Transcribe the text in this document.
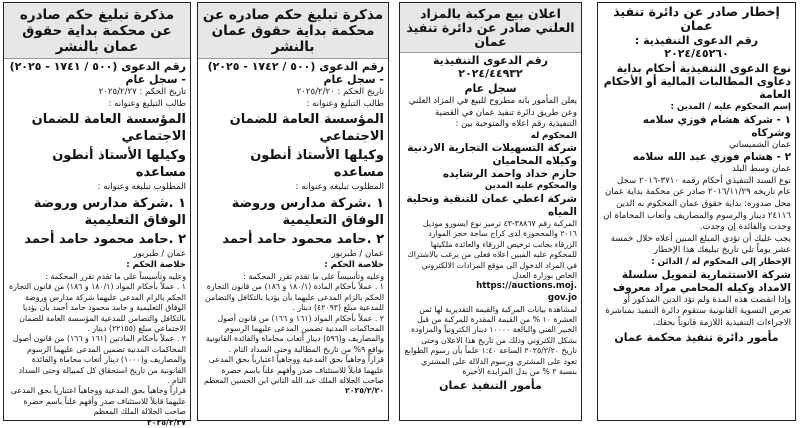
إخطار صادر عن دائرة تنفيذ عمان
رقم الدعوى التنفيذية : ٢٠٢٤/٤٥٢٦٠
نوع الدعوى التنفيذية أحكام بداية دعاوى المطالبات المالية أو الأحكام العامة
إسم المحكوم عليه / المدين :
١ - شركة هشام فوزي سلامه وشركاه
عمان الشميساني
٢ - هشام فوزي عبد الله سلامه
عمان وسط البلد
نوع السند التنفيذي أحكام رقمه ٣٧١٠-٢٠١٦ سجل عام تاريخه ٢٠١٦/١١/٢٩ صادر عن محكمة بداية عمان محل صدوره: بداية حقوق عمان المحكوم به الدين ٢٤١١٦ دينار والرسوم والمصاريف وأتعاب المحاماة ان وجدت والفائدة إن وجدت.
يجب عليك أن تؤدي المبلغ المبين أعلاه خلال خمسة عشر يوماً تلي تاريخ تبليغك هذا الإخطار
الإخطار إلى المحكوم له / الدائن :
شركة الاستثمارية لتمويل سلسلة الامداد وكيله المحامي مراد معروف
وإذا انقضت هذه المدة ولم تؤد الدين المذكور أو تعرض التسوية القانونية ستقوم دائرة التنفيذ بمباشرة الاجراءات التنفيذية اللازمة قانوناً بحقك.
مأمور دائرة تنفيذ محكمة عمان
اعلان بيع مركبة بالمزاد العلني صادر عن دائرة تنفيذ عمان
رقم الدعوى التنفيذية ٢٠٢٤/٤٤٩٣٢
سجل عام
يعلن المأمور بانه مطروح للبيع في المزاد العلني وعن طريق دائرة تنفيذ عمان في القضية التنفيذية رقم اعلاه والمتوجبة بين :
المحكوم له
شركة التسهيلات التجارية الاردنية
وكيلاه المحاميان
حازم حداد واحمد الرشايده
والمحكوم عليه المدين
شركة اعطي عمان للتنقية وتحلية المياه
المركبة رقم ٣٨٨٦٧-٤٣ ترميز نوع ايسوزو موديل ٢٠١٦ والمحجوزة لدى كراج ساحة حجز الموارد الزرقاء بجانب ترخيص الزرقاء والعائدة ملكيتها للمحكوم عليه المبين اعلاه فعلى من يرغب بالاشتراك في المزاد الدخول الى موقع المزادات الالكتروني الخاص بوزارة العدل
https://auctions.moj.
gov.jo
لمشاهدة بيانات المركبة والقيمة التقديرية لها ثمن العشرة ١٠ % من القيمة المقدرة للمركبة من قبل الخبير الفني والبالغة ١٠٠٠٠ دينار الكترونياً والمزاودة بشكل الكتروني وذلك من تاريخ هذا الاعلان وحتى تاريخ ٢٠٢٥/٢/٢٠ الساعة ١:٤٠ علماً بأن رسوم الطوابع تعود على المشتري ورسوم الدلالة على المشتري بنسبة ٢ % من بدل المزايدة الأخيرة
مأمور التنفيذ عمان
مذكرة تبليغ حكم صادره عن محكمة بداية حقوق عمان بالنشر
رقم الدعوى (٥٠٠ / ١٧٤٢ - ٢٠٢٥) - سجل عام
تاريخ الحكم : ٢٠٢٥/٢/٢٠
طالب التبليغ وعنوانه :
المؤسسة العامة للضمان الاجتماعي
وكيلها الأستاذ أنطون مساعده
المطلوب تبليغه وعنوانه :
١ .شركة مدارس وروضة الوفاق التعليمية
٢ .حامد محمود حامد أحمد
عمان / طبربور
خلاصة الحكم :
وعليه وتأسيساً على ما تقدم تقرر المحكمة :
١ . عملاً بأحكام المادة (١٨٠/١ و ١٨٦) من قانون التجارة الحكم بالزام المدعى عليهما بأن يؤديا بالتكافل والتضامن للمدعية مبلغ (٤٢٠٩٣) دينار .
٢ . عملاً بأحكام المواد (١٦١ و ١٦٦) من قانون أصول المحاكمات المدنية تضمين المدعى عليهما الرسوم والمصاريف و(٥٩٦) دينار أتعاب محاماة والفائدة القانونية بواقع ٩% من تاريخ المطالبة وحتى السداد التام .
قراراً وجاهياً بحق المدعية ووجاهياً اعتبارياً بحق المدعى عليهما قابلاً للاستئناف صدر وأفهم علناً باسم حضرة صاحب الجلالة الملك عبد الله الثاني ابن الحسين المعظم
٢٠٢٥/٢/٢٠
مذكرة تبليغ حكم صادره عن محكمة بداية حقوق عمان بالنشر
رقم الدعوى (٥٠٠ / ١٧٤١ - ٢٠٢٥) - سجل عام
تاريخ الحكم : ٢٠٢٥/٢/٢٧
طالب التبليغ وعنوانه :
المؤسسة العامة للضمان الاجتماعي
وكيلها الأستاذ أنطون مساعده
المطلوب تبليغه وعنوانه :
١ .شركة مدارس وروضة الوفاق التعليمية
٢ .حامد محمود حامد أحمد
عمان / طبربور
خلاصة الحكم :
وعليه وتأسيساً على ما تقدم تقرر المحكمة :
١ . عملاً بأحكام المواد (١٨٠/١ و ١٨٦) من قانون التجارة الحكم بالزام المدعى عليهما شركة مدارس وروضة الوفاق التعليمية و حامد محمود حامد أحمد بأن يؤديا بالتكافل والتضامن للمدعية المؤسسة العامة للضمان الاجتماعي مبلغ (٢٢١٥٥) دينار .
٢ . عملاً بأحكام المادتين (١٦١ و ١٦٦) من قانون أصول المحاكمات المدنية تضمين المدعى عليهما الرسوم والمصاريف و(١٠٠٠) دينار أتعاب محاماة والفائدة القانونية من تاريخ استحقاق كل كمبيالة وحتى السداد التام .
قراراً وجاهياً بحق المدعية ووجاهياً اعتبارياً بحق المدعى عليهما قابلاً للاستئناف صدر وأفهم علناً باسم حضرة صاحب الجلالة الملك المعظم
٢٠٢٥/٢/٢٧
